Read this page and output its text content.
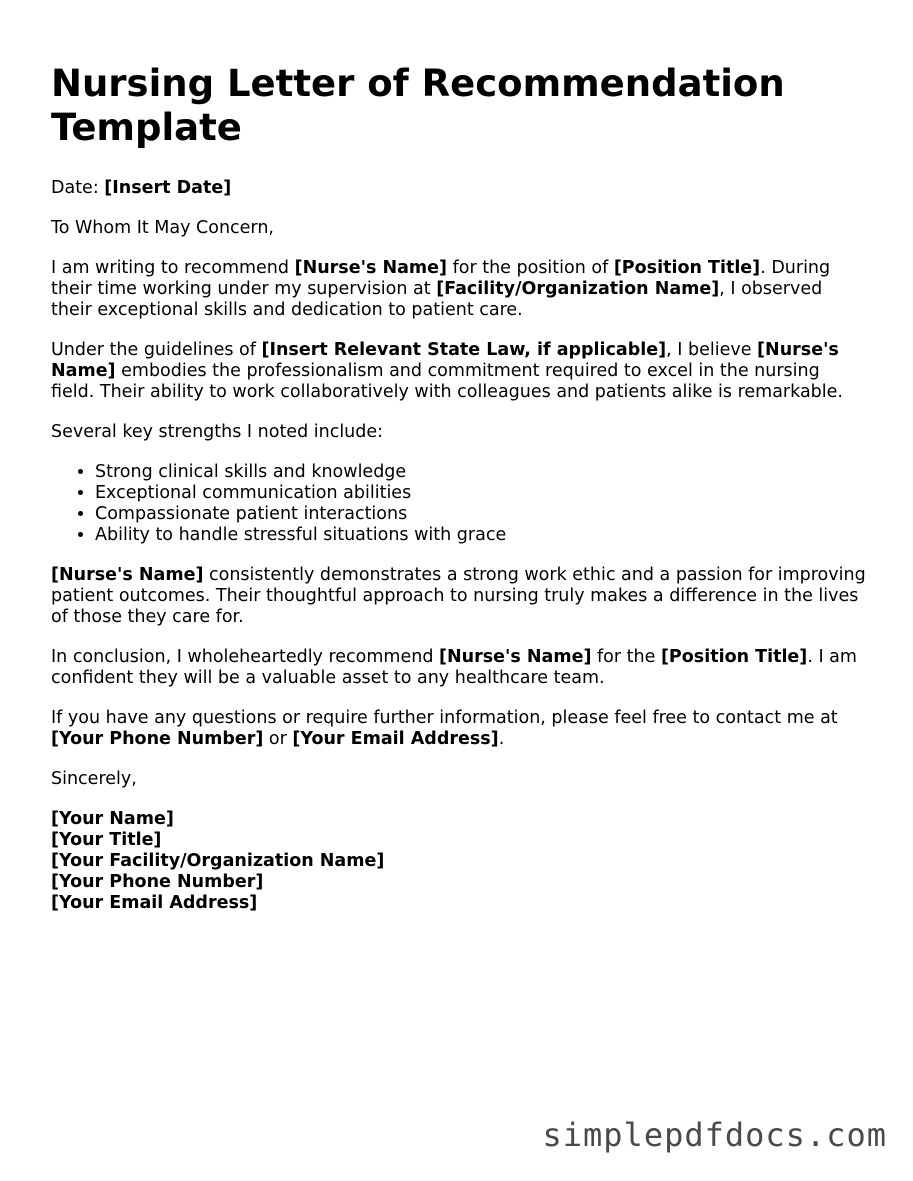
Nursing Letter of Recommendation Template

Date: [Insert Date]

To Whom It May Concern,

I am writing to recommend [Nurse's Name] for the position of [Position Title]. During their time working under my supervision at [Facility/Organization Name], I observed their exceptional skills and dedication to patient care.

Under the guidelines of [Insert Relevant State Law, if applicable], I believe [Nurse's Name] embodies the professionalism and commitment required to excel in the nursing field. Their ability to work collaboratively with colleagues and patients alike is remarkable.

Several key strengths I noted include:

• Strong clinical skills and knowledge
• Exceptional communication abilities
• Compassionate patient interactions
• Ability to handle stressful situations with grace

[Nurse's Name] consistently demonstrates a strong work ethic and a passion for improving patient outcomes. Their thoughtful approach to nursing truly makes a difference in the lives of those they care for.

In conclusion, I wholeheartedly recommend [Nurse's Name] for the [Position Title]. I am confident they will be a valuable asset to any healthcare team.

If you have any questions or require further information, please feel free to contact me at [Your Phone Number] or [Your Email Address].

Sincerely,

[Your Name]
[Your Title]
[Your Facility/Organization Name]
[Your Phone Number]
[Your Email Address]
simplepdfdocs.com
